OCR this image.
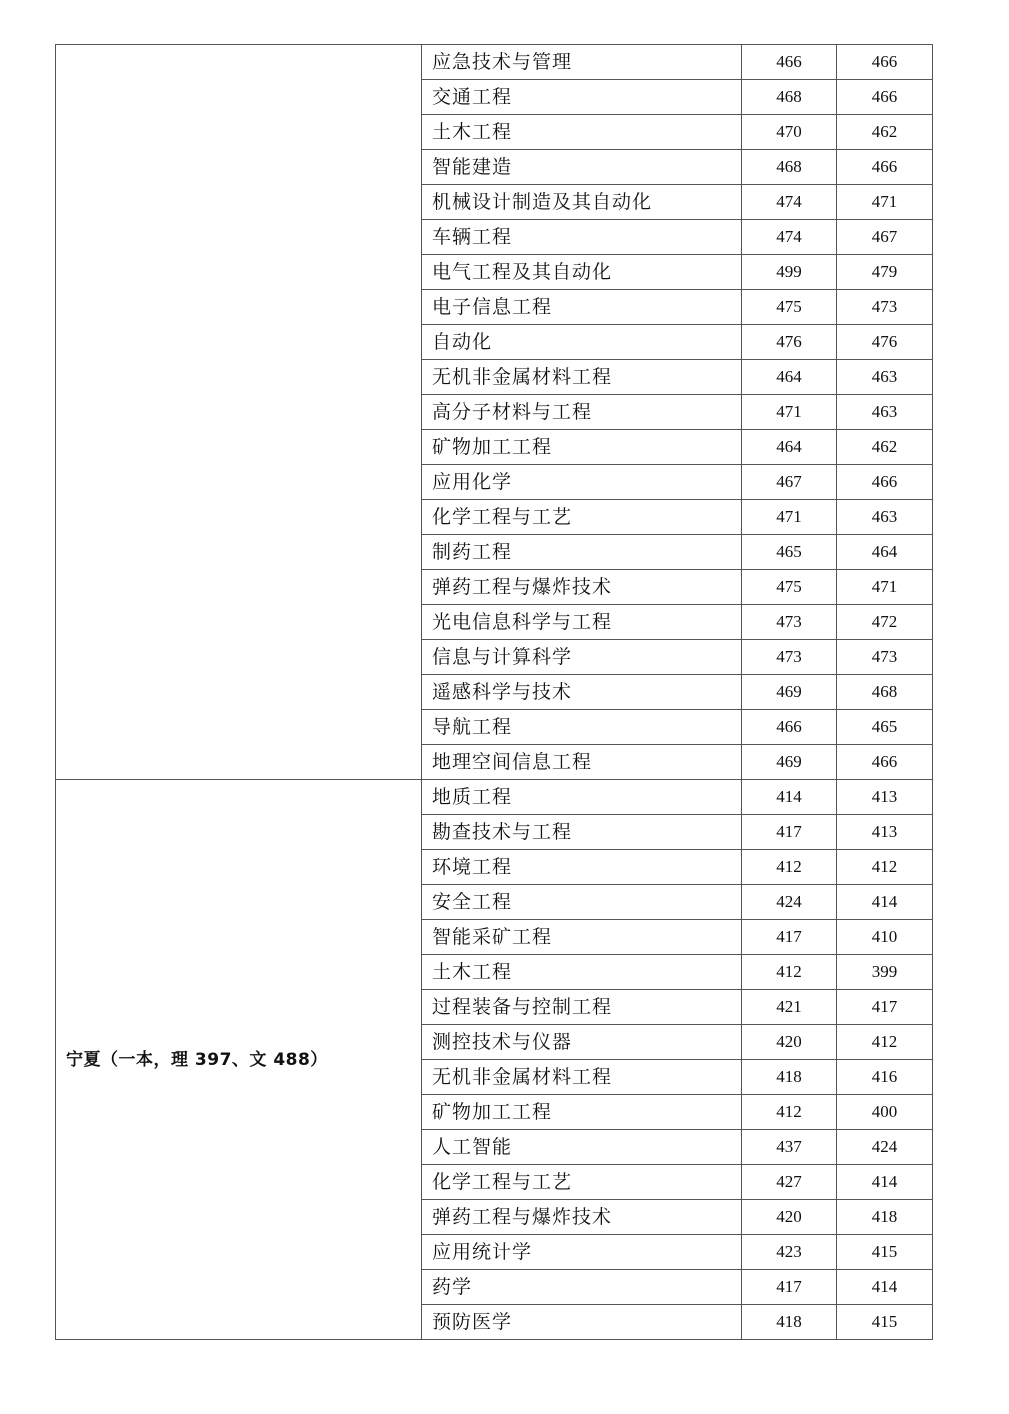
	应急技术与管理	466	466
	交通工程	468	466
	土木工程	470	462
	智能建造	468	466
	机械设计制造及其自动化	474	471
	车辆工程	474	467
	电气工程及其自动化	499	479
	电子信息工程	475	473
	自动化	476	476
	无机非金属材料工程	464	463
	高分子材料与工程	471	463
	矿物加工工程	464	462
	应用化学	467	466
	化学工程与工艺	471	463
	制药工程	465	464
	弹药工程与爆炸技术	475	471
	光电信息科学与工程	473	472
	信息与计算科学	473	473
	遥感科学与技术	469	468
	导航工程	466	465
	地理空间信息工程	469	466
宁夏（一本，理 397、文 488）	地质工程	414	413
	勘查技术与工程	417	413
	环境工程	412	412
	安全工程	424	414
	智能采矿工程	417	410
	土木工程	412	399
	过程装备与控制工程	421	417
	测控技术与仪器	420	412
	无机非金属材料工程	418	416
	矿物加工工程	412	400
	人工智能	437	424
	化学工程与工艺	427	414
	弹药工程与爆炸技术	420	418
	应用统计学	423	415
	药学	417	414
	预防医学	418	415
